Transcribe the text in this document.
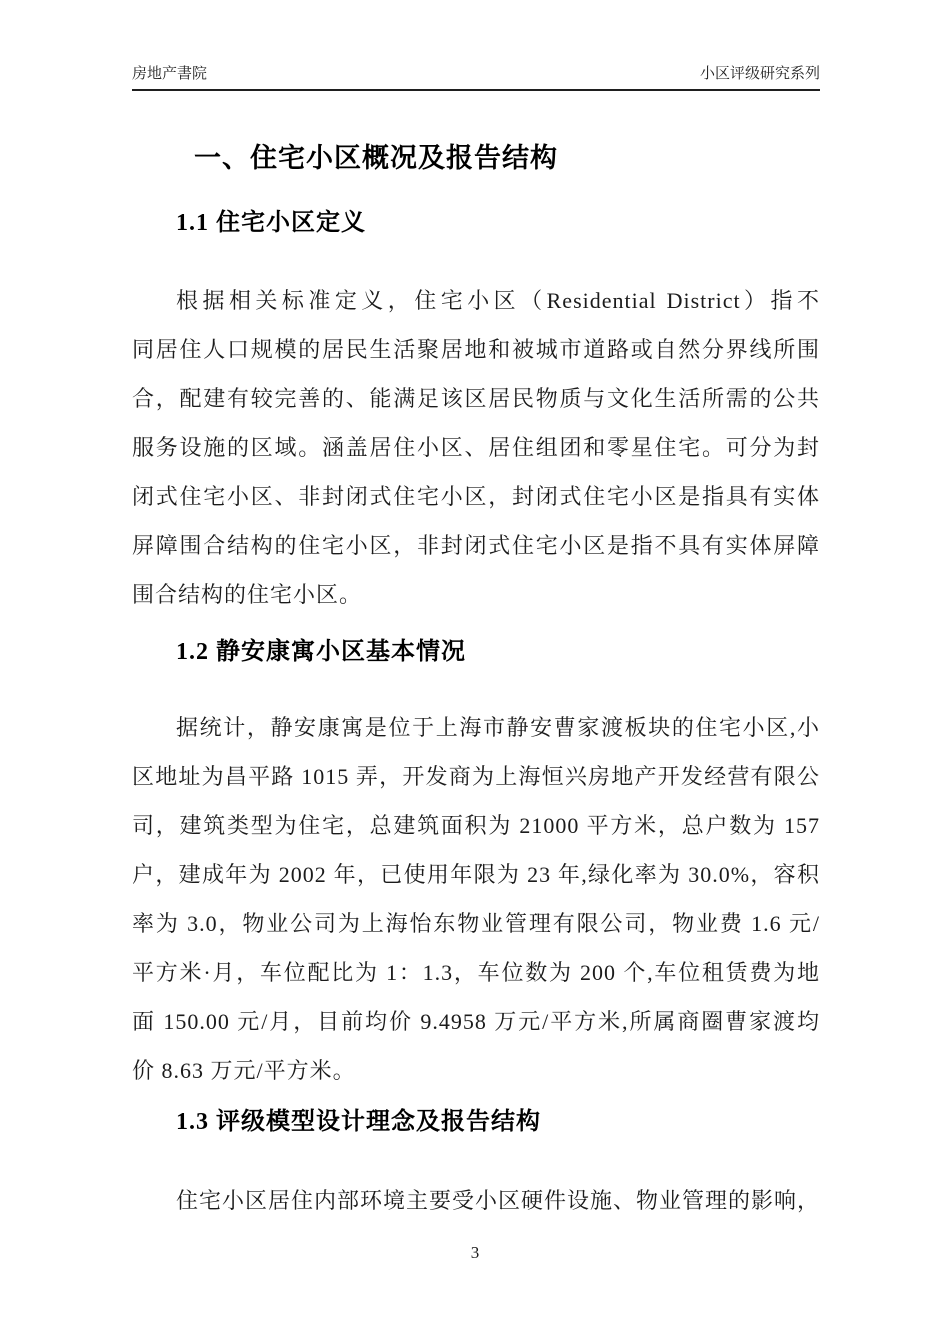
房地产書院	小区评级研究系列
一、住宅小区概况及报告结构
1.1 住宅小区定义
根据相关标准定义，住宅小区（Residential District）指不
同居住人口规模的居民生活聚居地和被城市道路或自然分界线所围
合，配建有较完善的、能满足该区居民物质与文化生活所需的公共
服务设施的区域。涵盖居住小区、居住组团和零星住宅。可分为封
闭式住宅小区、非封闭式住宅小区，封闭式住宅小区是指具有实体
屏障围合结构的住宅小区，非封闭式住宅小区是指不具有实体屏障
围合结构的住宅小区。
1.2 静安康寓小区基本情况
据统计，静安康寓是位于上海市静安曹家渡板块的住宅小区,小
区地址为昌平路 1015 弄，开发商为上海恒兴房地产开发经营有限公
司，建筑类型为住宅，总建筑面积为 21000 平方米，总户数为 157
户，建成年为 2002 年，已使用年限为 23 年,绿化率为 30.0%，容积
率为 3.0，物业公司为上海怡东物业管理有限公司，物业费 1.6 元/
平方米·月，车位配比为 1：1.3，车位数为 200 个,车位租赁费为地
面 150.00 元/月，目前均价 9.4958 万元/平方米,所属商圈曹家渡均
价 8.63 万元/平方米。
1.3 评级模型设计理念及报告结构
住宅小区居住内部环境主要受小区硬件设施、物业管理的影响，
3
